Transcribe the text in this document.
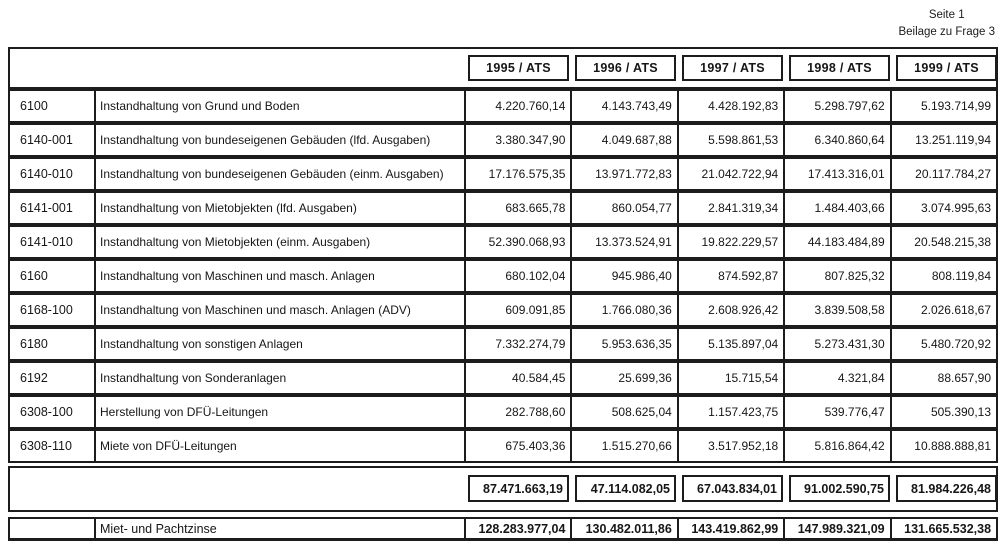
Seite 1
Beilage zu Frage 3
1995 / ATS	1996 / ATS	1997 / ATS	1998 / ATS	1999 / ATS
6100	Instandhaltung von Grund und Boden	4.220.760,14	4.143.743,49	4.428.192,83	5.298.797,62	5.193.714,99
6140-001	Instandhaltung von bundeseigenen Gebäuden (lfd. Ausgaben)	3.380.347,90	4.049.687,88	5.598.861,53	6.340.860,64	13.251.119,94
6140-010	Instandhaltung von bundeseigenen Gebäuden (einm. Ausgaben)	17.176.575,35	13.971.772,83	21.042.722,94	17.413.316,01	20.117.784,27
6141-001	Instandhaltung von Mietobjekten (lfd. Ausgaben)	683.665,78	860.054,77	2.841.319,34	1.484.403,66	3.074.995,63
6141-010	Instandhaltung von Mietobjekten (einm. Ausgaben)	52.390.068,93	13.373.524,91	19.822.229,57	44.183.484,89	20.548.215,38
6160	Instandhaltung von Maschinen und masch. Anlagen	680.102,04	945.986,40	874.592,87	807.825,32	808.119,84
6168-100	Instandhaltung von Maschinen und masch. Anlagen (ADV)	609.091,85	1.766.080,36	2.608.926,42	3.839.508,58	2.026.618,67
6180	Instandhaltung von sonstigen Anlagen	7.332.274,79	5.953.636,35	5.135.897,04	5.273.431,30	5.480.720,92
6192	Instandhaltung von Sonderanlagen	40.584,45	25.699,36	15.715,54	4.321,84	88.657,90
6308-100	Herstellung von DFÜ-Leitungen	282.788,60	508.625,04	1.157.423,75	539.776,47	505.390,13
6308-110	Miete von DFÜ-Leitungen	675.403,36	1.515.270,66	3.517.952,18	5.816.864,42	10.888.888,81
87.471.663,19	47.114.082,05	67.043.834,01	91.002.590,75	81.984.226,48
Miet- und Pachtzinse	128.283.977,04	130.482.011,86	143.419.862,99	147.989.321,09	131.665.532,38
